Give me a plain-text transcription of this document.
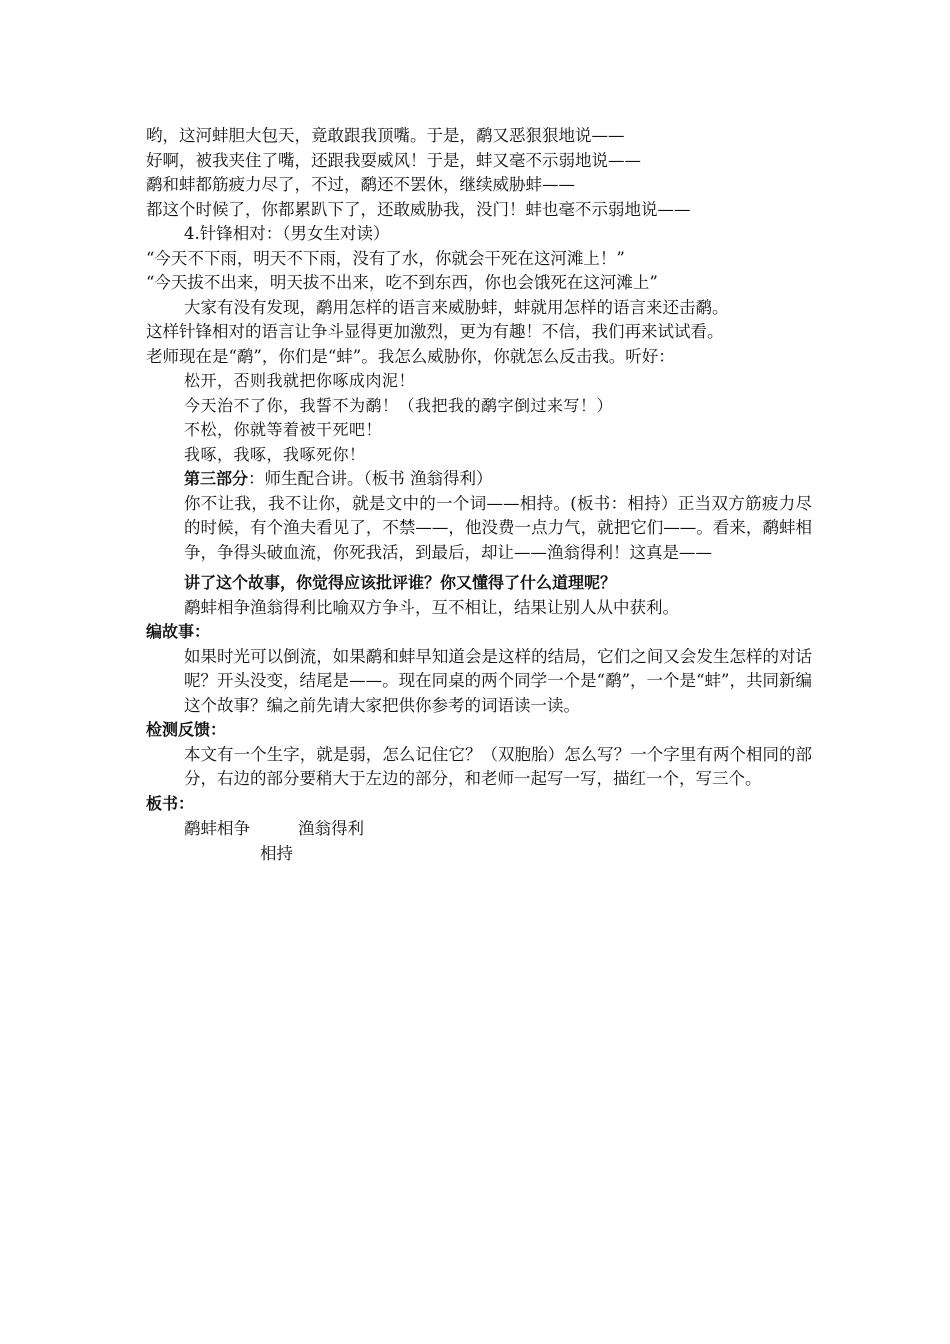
哟，这河蚌胆大包天，竟敢跟我顶嘴。于是，鹬又恶狠狠地说——
好啊，被我夹住了嘴，还跟我耍威风！于是，蚌又毫不示弱地说——
鹬和蚌都筋疲力尽了，不过，鹬还不罢休，继续威胁蚌——
都这个时候了，你都累趴下了，还敢威胁我，没门！蚌也毫不示弱地说——
4.针锋相对：（男女生对读）
“今天不下雨，明天不下雨，没有了水，你就会干死在这河滩上！”
“今天拔不出来，明天拔不出来，吃不到东西，你也会饿死在这河滩上”
大家有没有发现，鹬用怎样的语言来威胁蚌，蚌就用怎样的语言来还击鹬。
这样针锋相对的语言让争斗显得更加激烈，更为有趣！不信，我们再来试试看。
老师现在是“鹬”，你们是“蚌”。我怎么威胁你，你就怎么反击我。听好：
松开，否则我就把你啄成肉泥！
今天治不了你，我誓不为鹬！（我把我的鹬字倒过来写！）
不松，你就等着被干死吧！
我啄，我啄，我啄死你！
第三部分：师生配合讲。（板书 渔翁得利）
你不让我，我不让你，就是文中的一个词——相持。(板书：相持）正当双方筋疲力尽的时候，有个渔夫看见了，不禁——，他没费一点力气，就把它们——。看来，鹬蚌相争，争得头破血流，你死我活，到最后，却让——渔翁得利！这真是——
讲了这个故事，你觉得应该批评谁？你又懂得了什么道理呢？
鹬蚌相争渔翁得利比喻双方争斗，互不相让，结果让别人从中获利。
编故事：
如果时光可以倒流，如果鹬和蚌早知道会是这样的结局，它们之间又会发生怎样的对话呢？开头没变，结尾是——。现在同桌的两个同学一个是“鹬”，一个是“蚌”，共同新编这个故事？编之前先请大家把供你参考的词语读一读。
检测反馈：
本文有一个生字，就是弱，怎么记住它？（双胞胎）怎么写？一个字里有两个相同的部分，右边的部分要稍大于左边的部分，和老师一起写一写，描红一个，写三个。
板书：
鹬蚌相争	渔翁得利
相持
